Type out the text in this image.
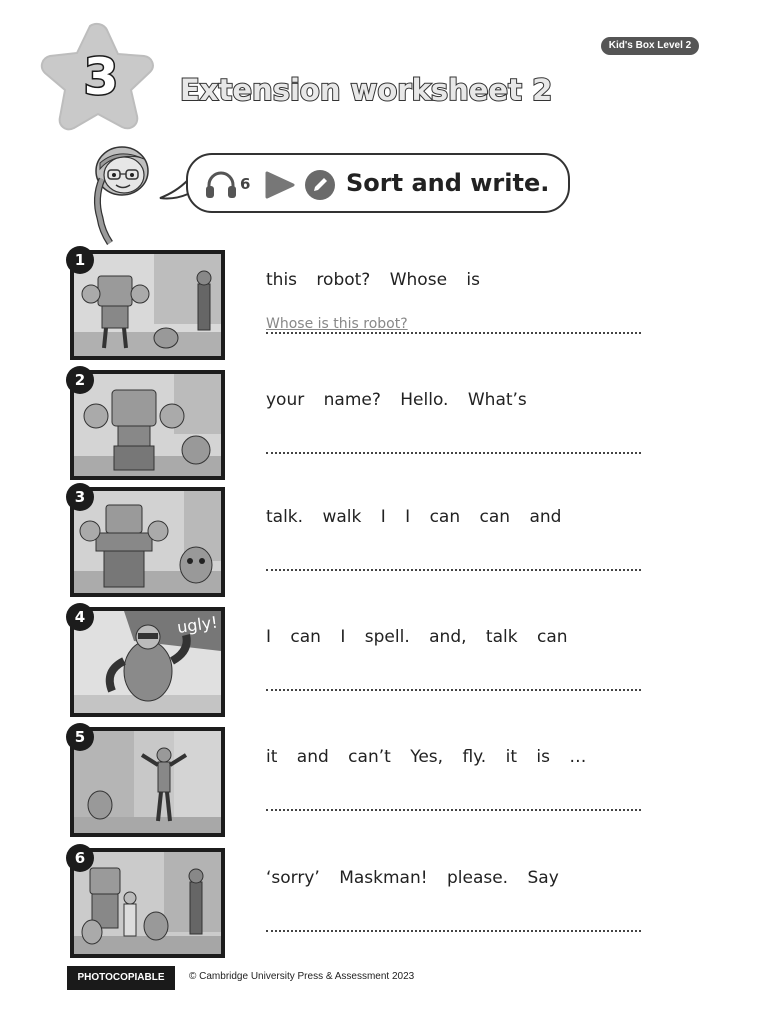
Kid's Box Level 2
3	Extension worksheet 2
6	Sort and write.
1
this robot? Whose is
Whose is this robot?
2
your name? Hello. What’s
3
talk. walk I I can can and
ugly!
4
I can I spell. and, talk can
5
it and can’t Yes, fly. it is …
6
‘sorry’ Maskman! please. Say
PHOTOCOPIABLE	© Cambridge University Press & Assessment 2023
